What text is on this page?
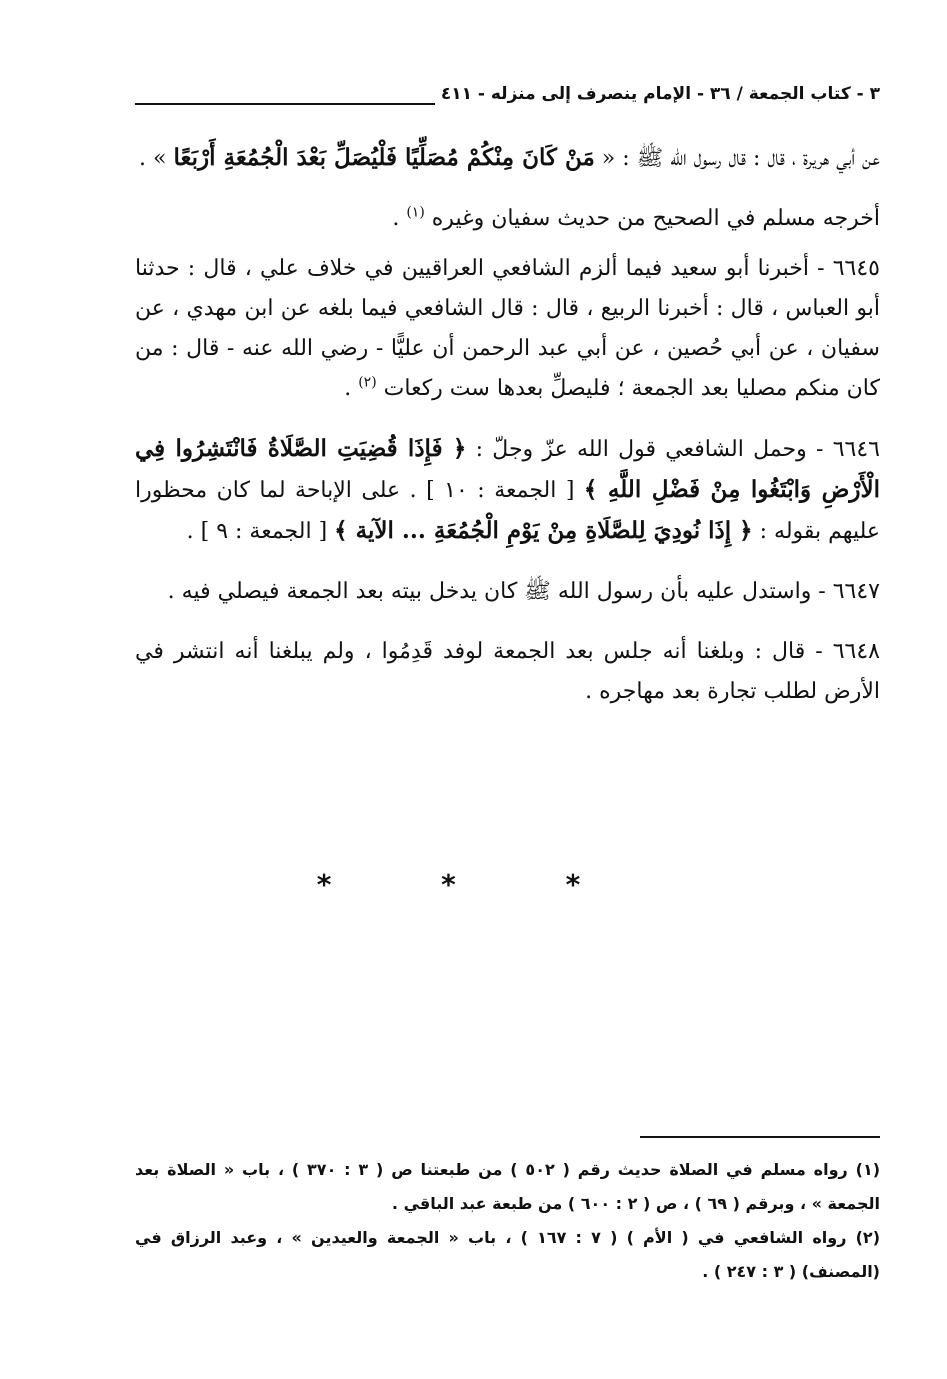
٣ - كتاب الجمعة / ٣٦ - الإمام ينصرف إلى منزله - ٤١١

عن أبي هريرة ، قال : قال رسول الله ﷺ : « مَنْ كَانَ مِنْكُمْ مُصَلِّيًا فَلْيُصَلِّ بَعْدَ الْجُمُعَةِ أَرْبَعًا » .

أخرجه مسلم في الصحيح من حديث سفيان وغيره $^{(١)}$ .

٦٦٤٥ - أخبرنا أبو سعيد فيما ألزم الشافعي العراقيين في خلاف علي ، قال : حدثنا أبو العباس ، قال : أخبرنا الربيع ، قال : قال الشافعي فيما بلغه عن ابن مهدي ، عن سفيان ، عن أبي حُصين ، عن أبي عبد الرحمن أن عليًّا - رضي الله عنه - قال : من كان منكم مصليا بعد الجمعة ؛ فليصلِّ بعدها ست ركعات $^{(٢)}$ .

٦٦٤٦ - وحمل الشافعي قول الله عزّ وجلّ : ﴿ فَإِذَا قُضِيَتِ الصَّلَاةُ فَانْتَشِرُوا فِي الْأَرْضِ وَابْتَغُوا مِنْ فَضْلِ اللَّهِ ﴾ [ الجمعة : ١٠ ] . على الإباحة لما كان محظورا عليهم بقوله : ﴿ إِذَا نُودِيَ لِلصَّلَاةِ مِنْ يَوْمِ الْجُمُعَةِ ... الآية ﴾ [ الجمعة : ٩ ] .

٦٦٤٧ - واستدل عليه بأن رسول الله ﷺ كان يدخل بيته بعد الجمعة فيصلي فيه .

٦٦٤٨ - قال : وبلغنا أنه جلس بعد الجمعة لوفد قَدِمُوا ، ولم يبلغنا أنه انتشر في الأرض لطلب تجارة بعد مهاجره .

* * *

(١) رواه مسلم في الصلاة حديث رقم ( ٥٠٢ ) من طبعتنا ص ( ٣ : ٣٧٠ ) ، باب « الصلاة بعد الجمعة » ، وبرقم ( ٦٩ ) ، ص ( ٢ : ٦٠٠ ) من طبعة عبد الباقي .

(٢) رواه الشافعي في ( الأم ) ( ٧ : ١٦٧ ) ، باب « الجمعة والعيدين » ، وعبد الرزاق في (المصنف) ( ٣ : ٢٤٧ ) .
